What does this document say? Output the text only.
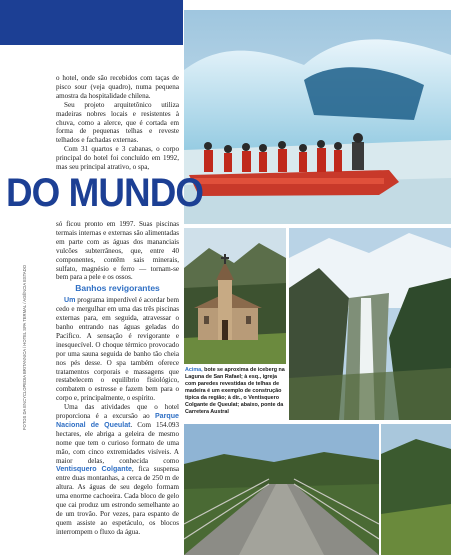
DO MUNDO

o hotel, onde são recebidos com taças de pisco sour (veja quadro), numa pequena amostra da hospitalidade chilena.

Seu projeto arquitetônico utiliza madeiras nobres locais e resistentes à chuva, como a alerce, que é cortada em forma de pequenas telhas e reveste telhados e fachadas externas.

Com 31 quartos e 3 cabanas, o corpo principal do hotel foi concluído em 1992, mas seu principal atrativo, o spa,

só ficou pronto em 1997. Suas piscinas termais internas e externas são alimentadas em parte com as águas dos mananciais vulcões subterrâneos, que, entre 40 componentes, contêm sais minerais, sulfato, magnésio e ferro — tornam-se bem para a pele e os ossos.

Banhos revigorantes

Um programa imperdível é acordar bem cedo e mergulhar em uma das três piscinas externas para, em seguida, atravessar o banho entrando nas águas geladas do Pacífico. A sensação é revigorante e inesquecível. O choque térmico provocado por uma sauna seguida de banho tão cheia nos pés desse. O spa também oferece tratamentos corporais e massagens que restabelecem o equilíbrio fisiológico, combatem o estresse e fazem bem para o corpo e, principalmente, o espírito.

Uma das atividades que o hotel proporciona é a excursão ao Parque Nacional de Queulat. Com 154.093 hectares, ele abriga a geleira de mesmo nome que tem o curioso formato de uma mão, com cinco extremidades visíveis. A maior delas, conhecida como Ventisquero Colgante, fica suspensa entre duas montanhas, a cerca de 250 m de altura. As águas de seu degelo formam uma enorme cachoeira. Cada bloco de gelo que cai produz um estrondo semelhante ao de um trovão. Por vezes, para espanto de quem assiste ao espetáculo, os blocos interrompem o fluxo da água.

Acima, bote se aproxima de iceberg na Laguna de San Rafael; à esq., igreja com paredes revestidas de telhas de madeira é um exemplo de construção típica da região; à dir., o Ventisquero Colgante de Queulat; abaixo, ponte da Carretera Austral
FOTOS DA ENCYCLOPEDIA BRITANNICA / HOTEL SPA TERMAL / AGÊNCIA ESTADO
